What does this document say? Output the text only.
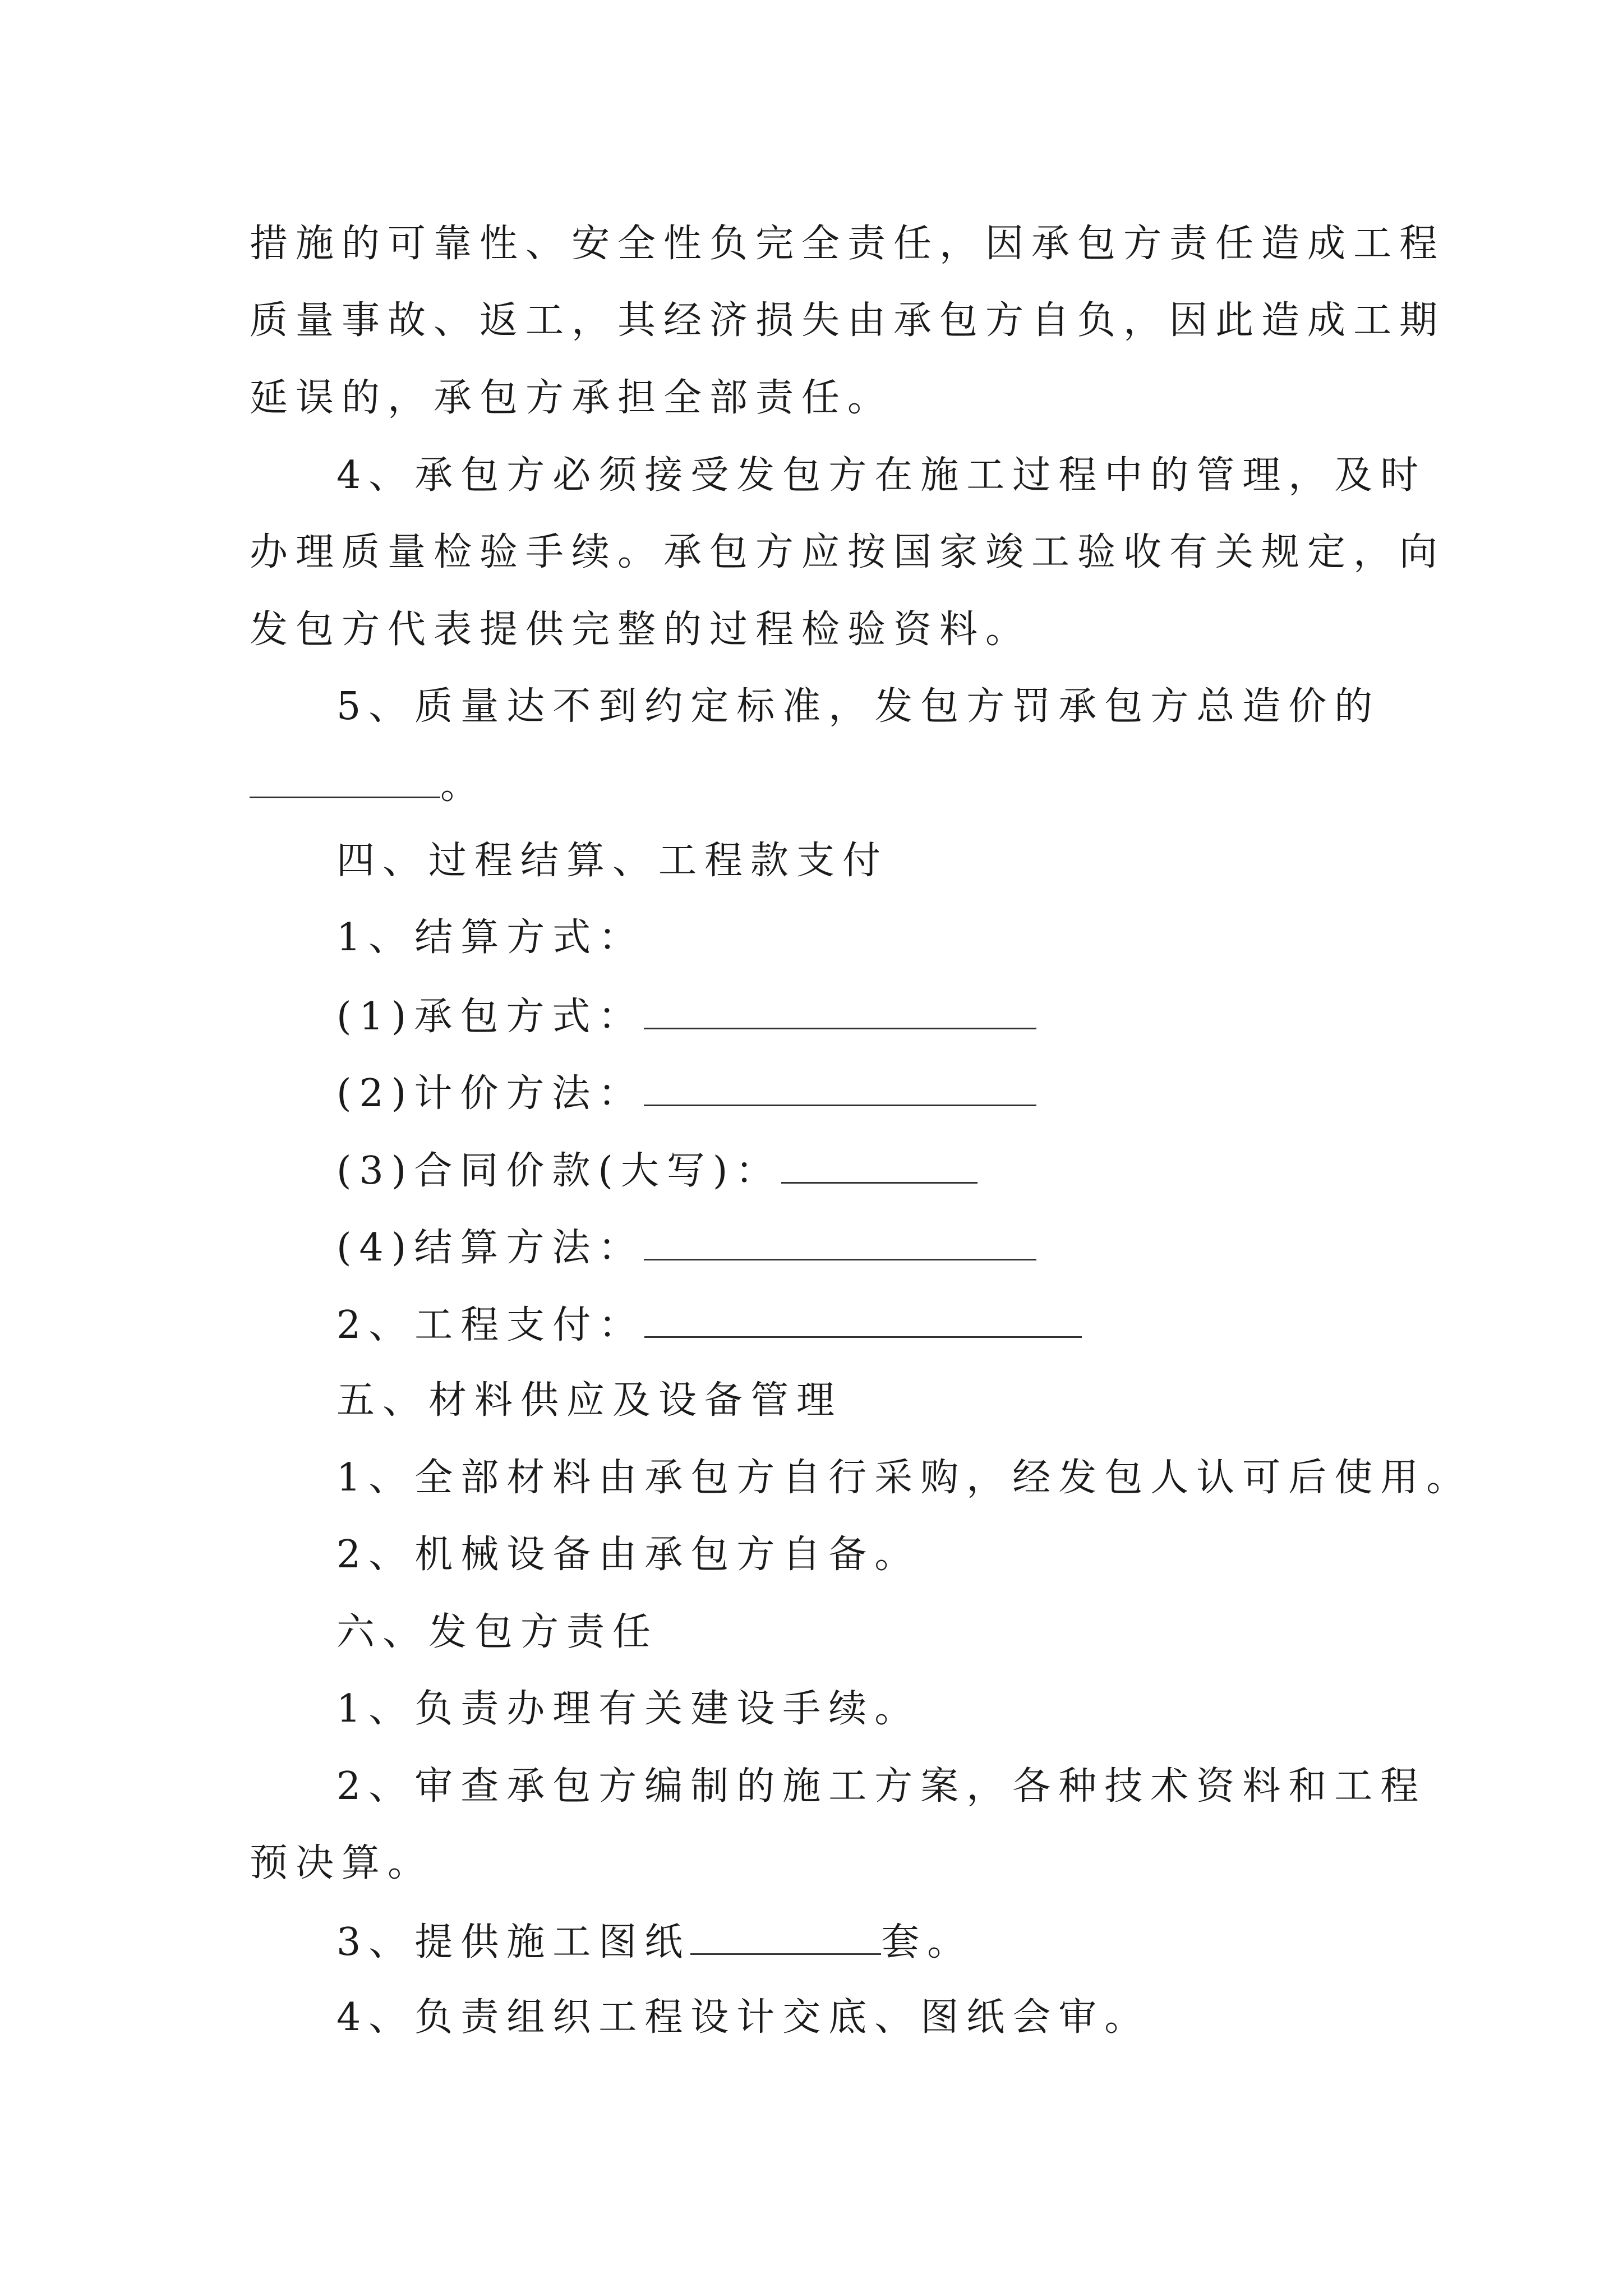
措施的可靠性、安全性负完全责任，因承包方责任造成工程
质量事故、返工，其经济损失由承包方自负，因此造成工期
延误的，承包方承担全部责任。
4、承包方必须接受发包方在施工过程中的管理，及时
办理质量检验手续。承包方应按国家竣工验收有关规定，向
发包方代表提供完整的过程检验资料。
5、质量达不到约定标准，发包方罚承包方总造价的
。
四、过程结算、工程款支付
1、结算方式：
(1)承包方式：
(2)计价方法：
(3)合同价款(大写)：
(4)结算方法：
2、工程支付：
五、材料供应及设备管理
1、全部材料由承包方自行采购，经发包人认可后使用。
2、机械设备由承包方自备。
六、发包方责任
1、负责办理有关建设手续。
2、审查承包方编制的施工方案，各种技术资料和工程
预决算。
3、提供施工图纸	套。
4、负责组织工程设计交底、图纸会审。
